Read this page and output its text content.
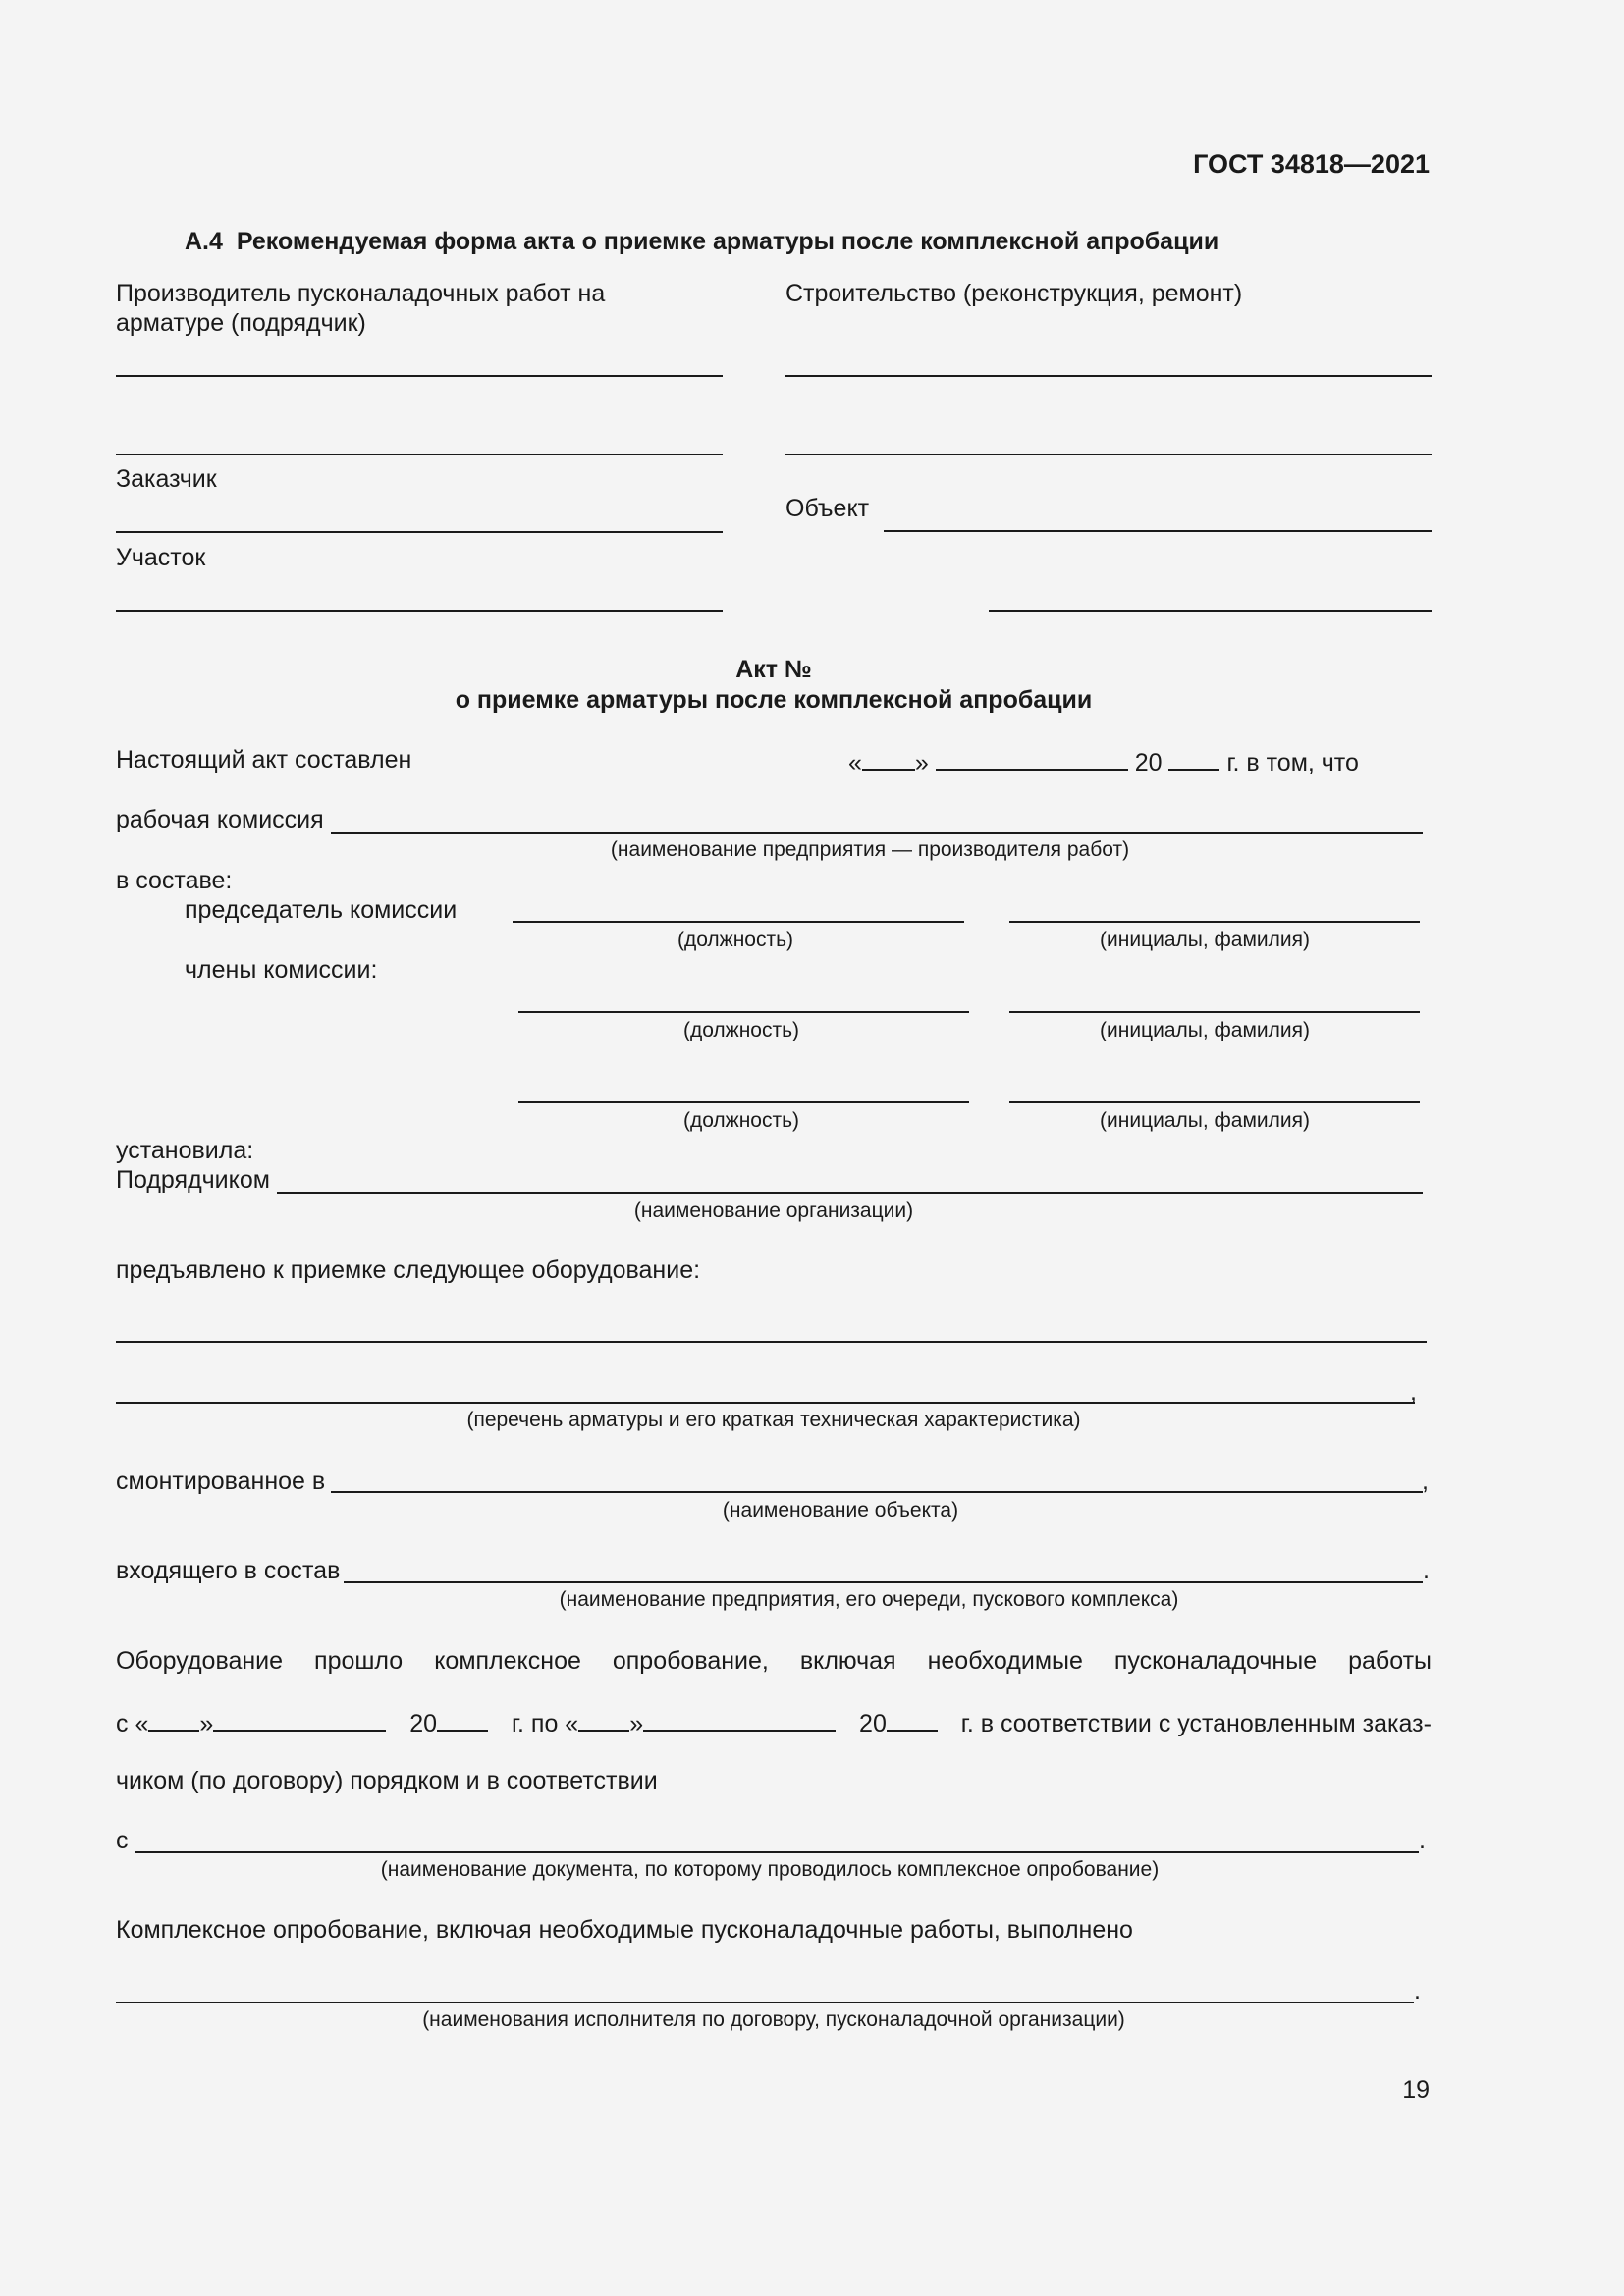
ГОСТ 34818—2021
А.4 Рекомендуемая форма акта о приемке арматуры после комплексной апробации
Производитель пусконаладочных работ на
арматуре (подрядчик)
Строительство (реконструкция, ремонт)
Заказчик
Объект
Участок
Акт №
о приемке арматуры после комплексной апробации
Настоящий акт составлен	« »	20	г. в том, что
рабочая комиссия
(наименование предприятия — производителя работ)
в составе:
председатель комиссии
(должность)	(инициалы, фамилия)
члены комиссии:
(должность)	(инициалы, фамилия)
(должность)	(инициалы, фамилия)
установила:
Подрядчиком
(наименование организации)
предъявлено к приемке следующее оборудование:
,
(перечень арматуры и его краткая техническая характеристика)
смонтированное в	,
(наименование объекта)
входящего в состав	.
(наименование предприятия, его очереди, пускового комплекса)
Оборудование прошло комплексное опробование, включая необходимые пусконаладочные работы
с « »	20	г. по « »	20	г. в соответствии с установленным заказ-
чиком (по договору) порядком и в соответствии
с	.
(наименование документа, по которому проводилось комплексное опробование)
Комплексное опробование, включая необходимые пусконаладочные работы, выполнено
.
(наименования исполнителя по договору, пусконаладочной организации)
19
